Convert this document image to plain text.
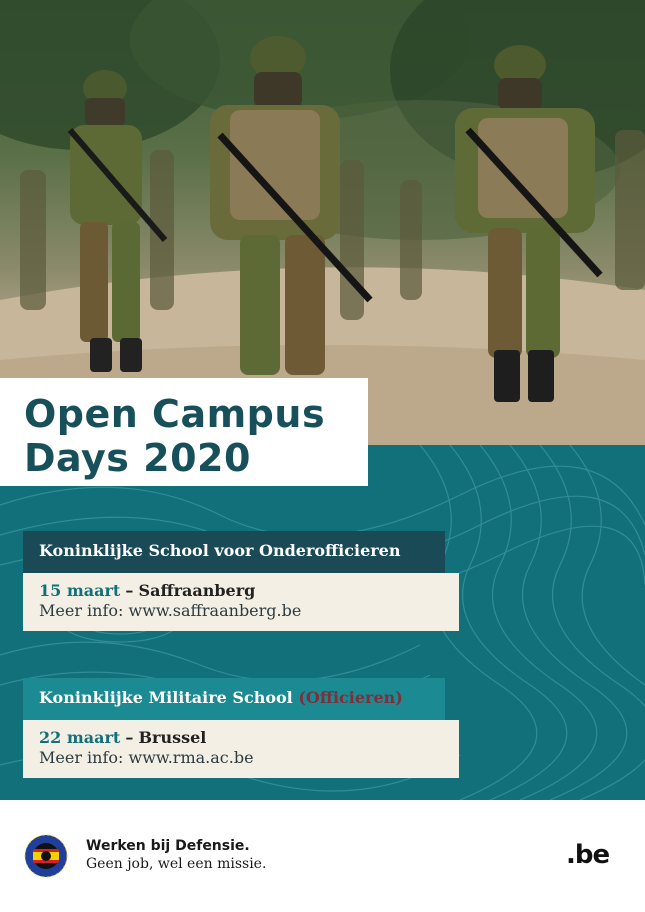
Open Campus
Days 2020
Koninklijke School voor Onderofficieren
15 maart – Saffraanberg
Meer info: www.saffraanberg.be
Koninklijke Militaire School (Officieren)
22 maart – Brussel
Meer info: www.rma.ac.be
Werken bij Defensie.
Geen job, wel een missie.	.be
